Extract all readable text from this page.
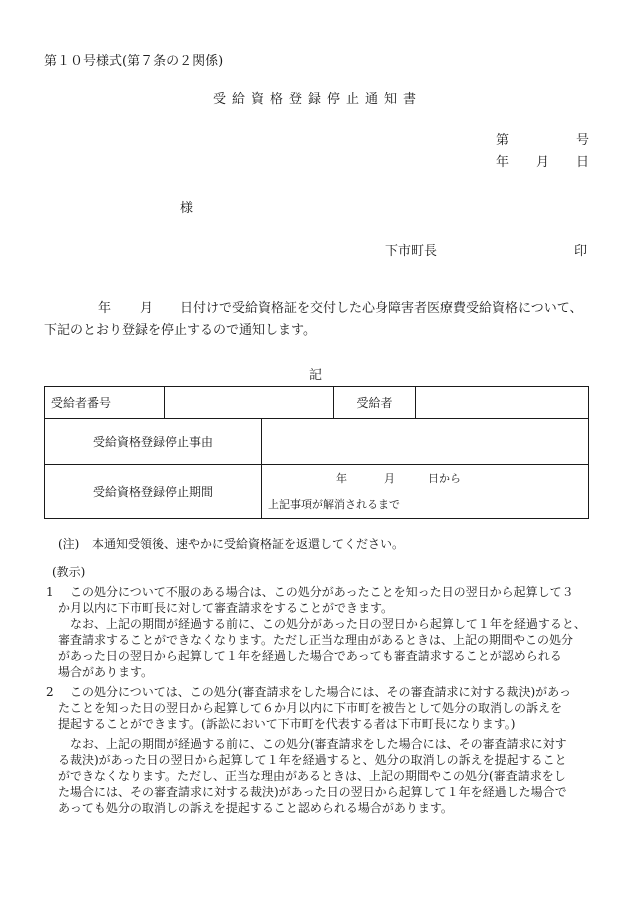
第１０号様式(第７条の２関係)
受給資格登録停止通知書
第	号
年 月 日
様
下市町長	印
年 月 日付けで受給資格証を交付した心身障害者医療費受給資格について、
下記のとおり登録を停止するので通知します。
記
受給者番号			受給者	
受給資格登録停止事由				
受給資格登録停止期間		年 月 日から
上記事項が解消されるまで		
(注) 本通知受領後、速やかに受給資格証を返還してください。
(教示)
1 この処分について不服のある場合は、この処分があったことを知った日の翌日から起算して３
か月以内に下市町長に対して審査請求をすることができます。
なお、上記の期間が経過する前に、この処分があった日の翌日から起算して１年を経過すると、
審査請求することができなくなります。ただし正当な理由があるときは、上記の期間やこの処分
があった日の翌日から起算して１年を経過した場合であっても審査請求することが認められる
場合があります。
2 この処分については、この処分(審査請求をした場合には、その審査請求に対する裁決)があっ
たことを知った日の翌日から起算して６か月以内に下市町を被告として処分の取消しの訴えを
提起することができます。(訴訟において下市町を代表する者は下市町長になります。)
なお、上記の期間が経過する前に、この処分(審査請求をした場合には、その審査請求に対す
る裁決)があった日の翌日から起算して１年を経過すると、処分の取消しの訴えを提起すること
ができなくなります。ただし、正当な理由があるときは、上記の期間やこの処分(審査請求をし
た場合には、その審査請求に対する裁決)があった日の翌日から起算して１年を経過した場合で
あっても処分の取消しの訴えを提起すること認められる場合があります。
